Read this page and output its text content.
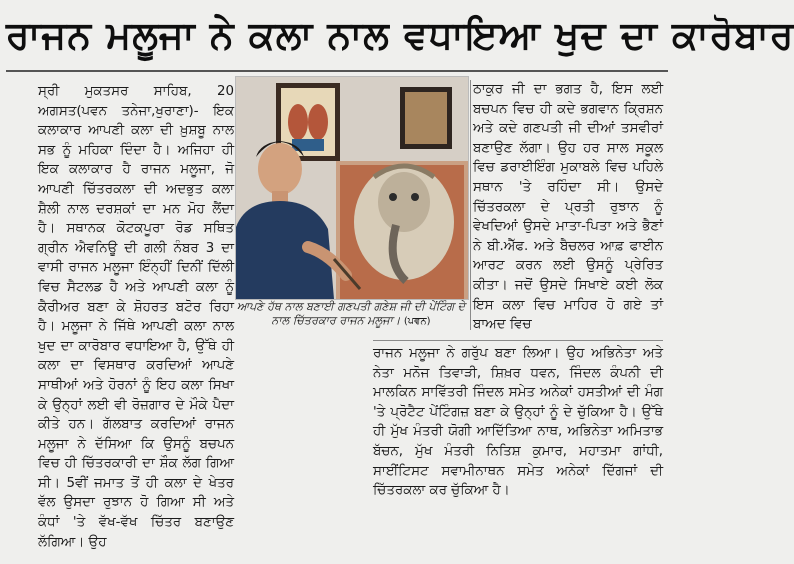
ਰਾਜਨ ਮਲੂਜਾ ਨੇ ਕਲਾ ਨਾਲ ਵਧਾਇਆ ਖੁਦ ਦਾ ਕਾਰੋਬਾਰ

ਸ੍ਰੀ ਮੁਕਤਸਰ ਸਾਹਿਬ, 20 ਅਗਸਤ(ਪਵਨ ਤਨੇਜਾ,ਖੁਰਾਣਾ)- ਇਕ ਕਲਾਕਾਰ ਆਪਣੀ ਕਲਾ ਦੀ ਖ਼ੁਸ਼ਬੂ ਨਾਲ ਸਭ ਨੂੰ ਮਹਿਕਾ ਦਿੰਦਾ ਹੈ। ਅਜਿਹਾ ਹੀ ਇਕ ਕਲਾਕਾਰ ਹੈ ਰਾਜਨ ਮਲੂਜਾ, ਜੋ ਆਪਣੀ ਚਿੱਤਰਕਲਾ ਦੀ ਅਦਭੁਤ ਕਲਾ ਸ਼ੈਲੀ ਨਾਲ ਦਰਸ਼ਕਾਂ ਦਾ ਮਨ ਮੋਹ ਲੈਂਦਾ ਹੈ। ਸਥਾਨਕ ਕੋਟਕਪੂਰਾ ਰੋਡ ਸਥਿਤ ਗ੍ਰੀਨ ਐਵਨਿਊ ਦੀ ਗਲੀ ਨੰਬਰ 3 ਦਾ ਵਾਸੀ ਰਾਜਨ ਮਲੂਜਾ ਇੰਨ੍ਹੀਂ ਦਿਨੀਂ ਦਿੱਲੀ ਵਿਚ ਸੈਟਲਡ ਹੈ ਅਤੇ ਆਪਣੀ ਕਲਾ ਨੂੰ ਕੈਰੀਅਰ ਬਣਾ ਕੇ ਸ਼ੋਹਰਤ ਬਟੋਰ ਰਿਹਾ ਹੈ। ਮਲੂਜਾ ਨੇ ਜਿੱਥੇ ਆਪਣੀ ਕਲਾ ਨਾਲ ਖੁਦ ਦਾ ਕਾਰੋਬਾਰ ਵਧਾਇਆ ਹੈ, ਉੱਥੇ ਹੀ ਕਲਾ ਦਾ ਵਿਸਥਾਰ ਕਰਦਿਆਂ ਆਪਣੇ ਸਾਥੀਆਂ ਅਤੇ ਹੋਰਨਾਂ ਨੂੰ ਇਹ ਕਲਾ ਸਿਖਾ ਕੇ ਉਨ੍ਹਾਂ ਲਈ ਵੀ ਰੋਜ਼ਗਾਰ ਦੇ ਮੌਕੇ ਪੈਦਾ ਕੀਤੇ ਹਨ। ਗੱਲਬਾਤ ਕਰਦਿਆਂ ਰਾਜਨ ਮਲੂਜਾ ਨੇ ਦੱਸਿਆ ਕਿ ਉਸਨੂੰ ਬਚਪਨ ਵਿਚ ਹੀ ਚਿੱਤਰਕਾਰੀ ਦਾ ਸ਼ੌਕ ਲੱਗ ਗਿਆ ਸੀ। 5ਵੀਂ ਜਮਾਤ ਤੋਂ ਹੀ ਕਲਾ ਦੇ ਖੇਤਰ ਵੱਲ ਉਸਦਾ ਰੁਝਾਨ ਹੋ ਗਿਆ ਸੀ ਅਤੇ ਕੰਧਾਂ 'ਤੇ ਵੱਖ-ਵੱਖ ਚਿੱਤਰ ਬਣਾਉਣ ਲੱਗਿਆ। ਉਹ

ਆਪਣੇ ਹੱਥ ਨਾਲ ਬਣਾਈ ਗਣਪਤੀ ਗਣੇਸ਼ ਜੀ ਦੀ ਪੇਂਟਿੰਗ ਦੇ ਨਾਲ ਚਿੱਤਰਕਾਰ ਰਾਜਨ ਮਲੂਜਾ। (ਪਵਨ)

ਠਾਕੁਰ ਜੀ ਦਾ ਭਗਤ ਹੈ, ਇਸ ਲਈ ਬਚਪਨ ਵਿਚ ਹੀ ਕਦੇ ਭਗਵਾਨ ਕ੍ਰਿਸ਼ਨ ਅਤੇ ਕਦੇ ਗਣਪਤੀ ਜੀ ਦੀਆਂ ਤਸਵੀਰਾਂ ਬਣਾਉਣ ਲੱਗਾ। ਉਹ ਹਰ ਸਾਲ ਸਕੂਲ ਵਿਚ ਡਰਾਈਇੰਗ ਮੁਕਾਬਲੇ ਵਿਚ ਪਹਿਲੇ ਸਥਾਨ 'ਤੇ ਰਹਿੰਦਾ ਸੀ। ਉਸਦੇ ਚਿੱਤਰਕਲਾ ਦੇ ਪ੍ਰਤੀ ਰੁਝਾਨ ਨੂੰ ਵੇਖਦਿਆਂ ਉਸਦੇ ਮਾਤਾ-ਪਿਤਾ ਅਤੇ ਭੈਣਾਂ ਨੇ ਬੀ.ਐੱਫ. ਅਤੇ ਬੈਚਲਰ ਆਫ਼ ਫਾਈਨ ਆਰਟ ਕਰਨ ਲਈ ਉਸਨੂੰ ਪ੍ਰੇਰਿਤ ਕੀਤਾ। ਜਦੋਂ ਉਸਦੇ ਸਿਖਾਏ ਕਈ ਲੋਕ ਇਸ ਕਲਾ ਵਿਚ ਮਾਹਿਰ ਹੋ ਗਏ ਤਾਂ ਬਾਅਦ ਵਿਚ

ਰਾਜਨ ਮਲੂਜਾ ਨੇ ਗਰੁੱਪ ਬਣਾ ਲਿਆ। ਉਹ ਅਭਿਨੇਤਾ ਅਤੇ ਨੇਤਾ ਮਨੋਜ ਤਿਵਾੜੀ, ਸ਼ਿਖ਼ਰ ਧਵਨ, ਜਿੰਦਲ ਕੰਪਨੀ ਦੀ ਮਾਲਕਿਨ ਸਾਵਿੱਤਰੀ ਜਿੰਦਲ ਸਮੇਤ ਅਨੇਕਾਂ ਹਸਤੀਆਂ ਦੀ ਮੰਗ 'ਤੇ ਪ੍ਰੋਟੈਟ ਪੇਂਟਿੰਗਜ਼ ਬਣਾ ਕੇ ਉਨ੍ਹਾਂ ਨੂੰ ਦੇ ਚੁੱਕਿਆ ਹੈ। ਉੱਥੇ ਹੀ ਮੁੱਖ ਮੰਤਰੀ ਯੋਗੀ ਆਦਿੱਤਿਆ ਨਾਥ, ਅਭਿਨੇਤਾ ਅਮਿਤਾਭ ਬੱਚਨ, ਮੁੱਖ ਮੰਤਰੀ ਨਿਤਿਸ਼ ਕੁਮਾਰ, ਮਹਾਤਮਾ ਗਾਂਧੀ, ਸਾਈਂਟਿਸਟ ਸਵਾਮੀਨਾਥਨ ਸਮੇਤ ਅਨੇਕਾਂ ਦਿੱਗਜਾਂ ਦੀ ਚਿੱਤਰਕਲਾ ਕਰ ਚੁੱਕਿਆ ਹੈ।
